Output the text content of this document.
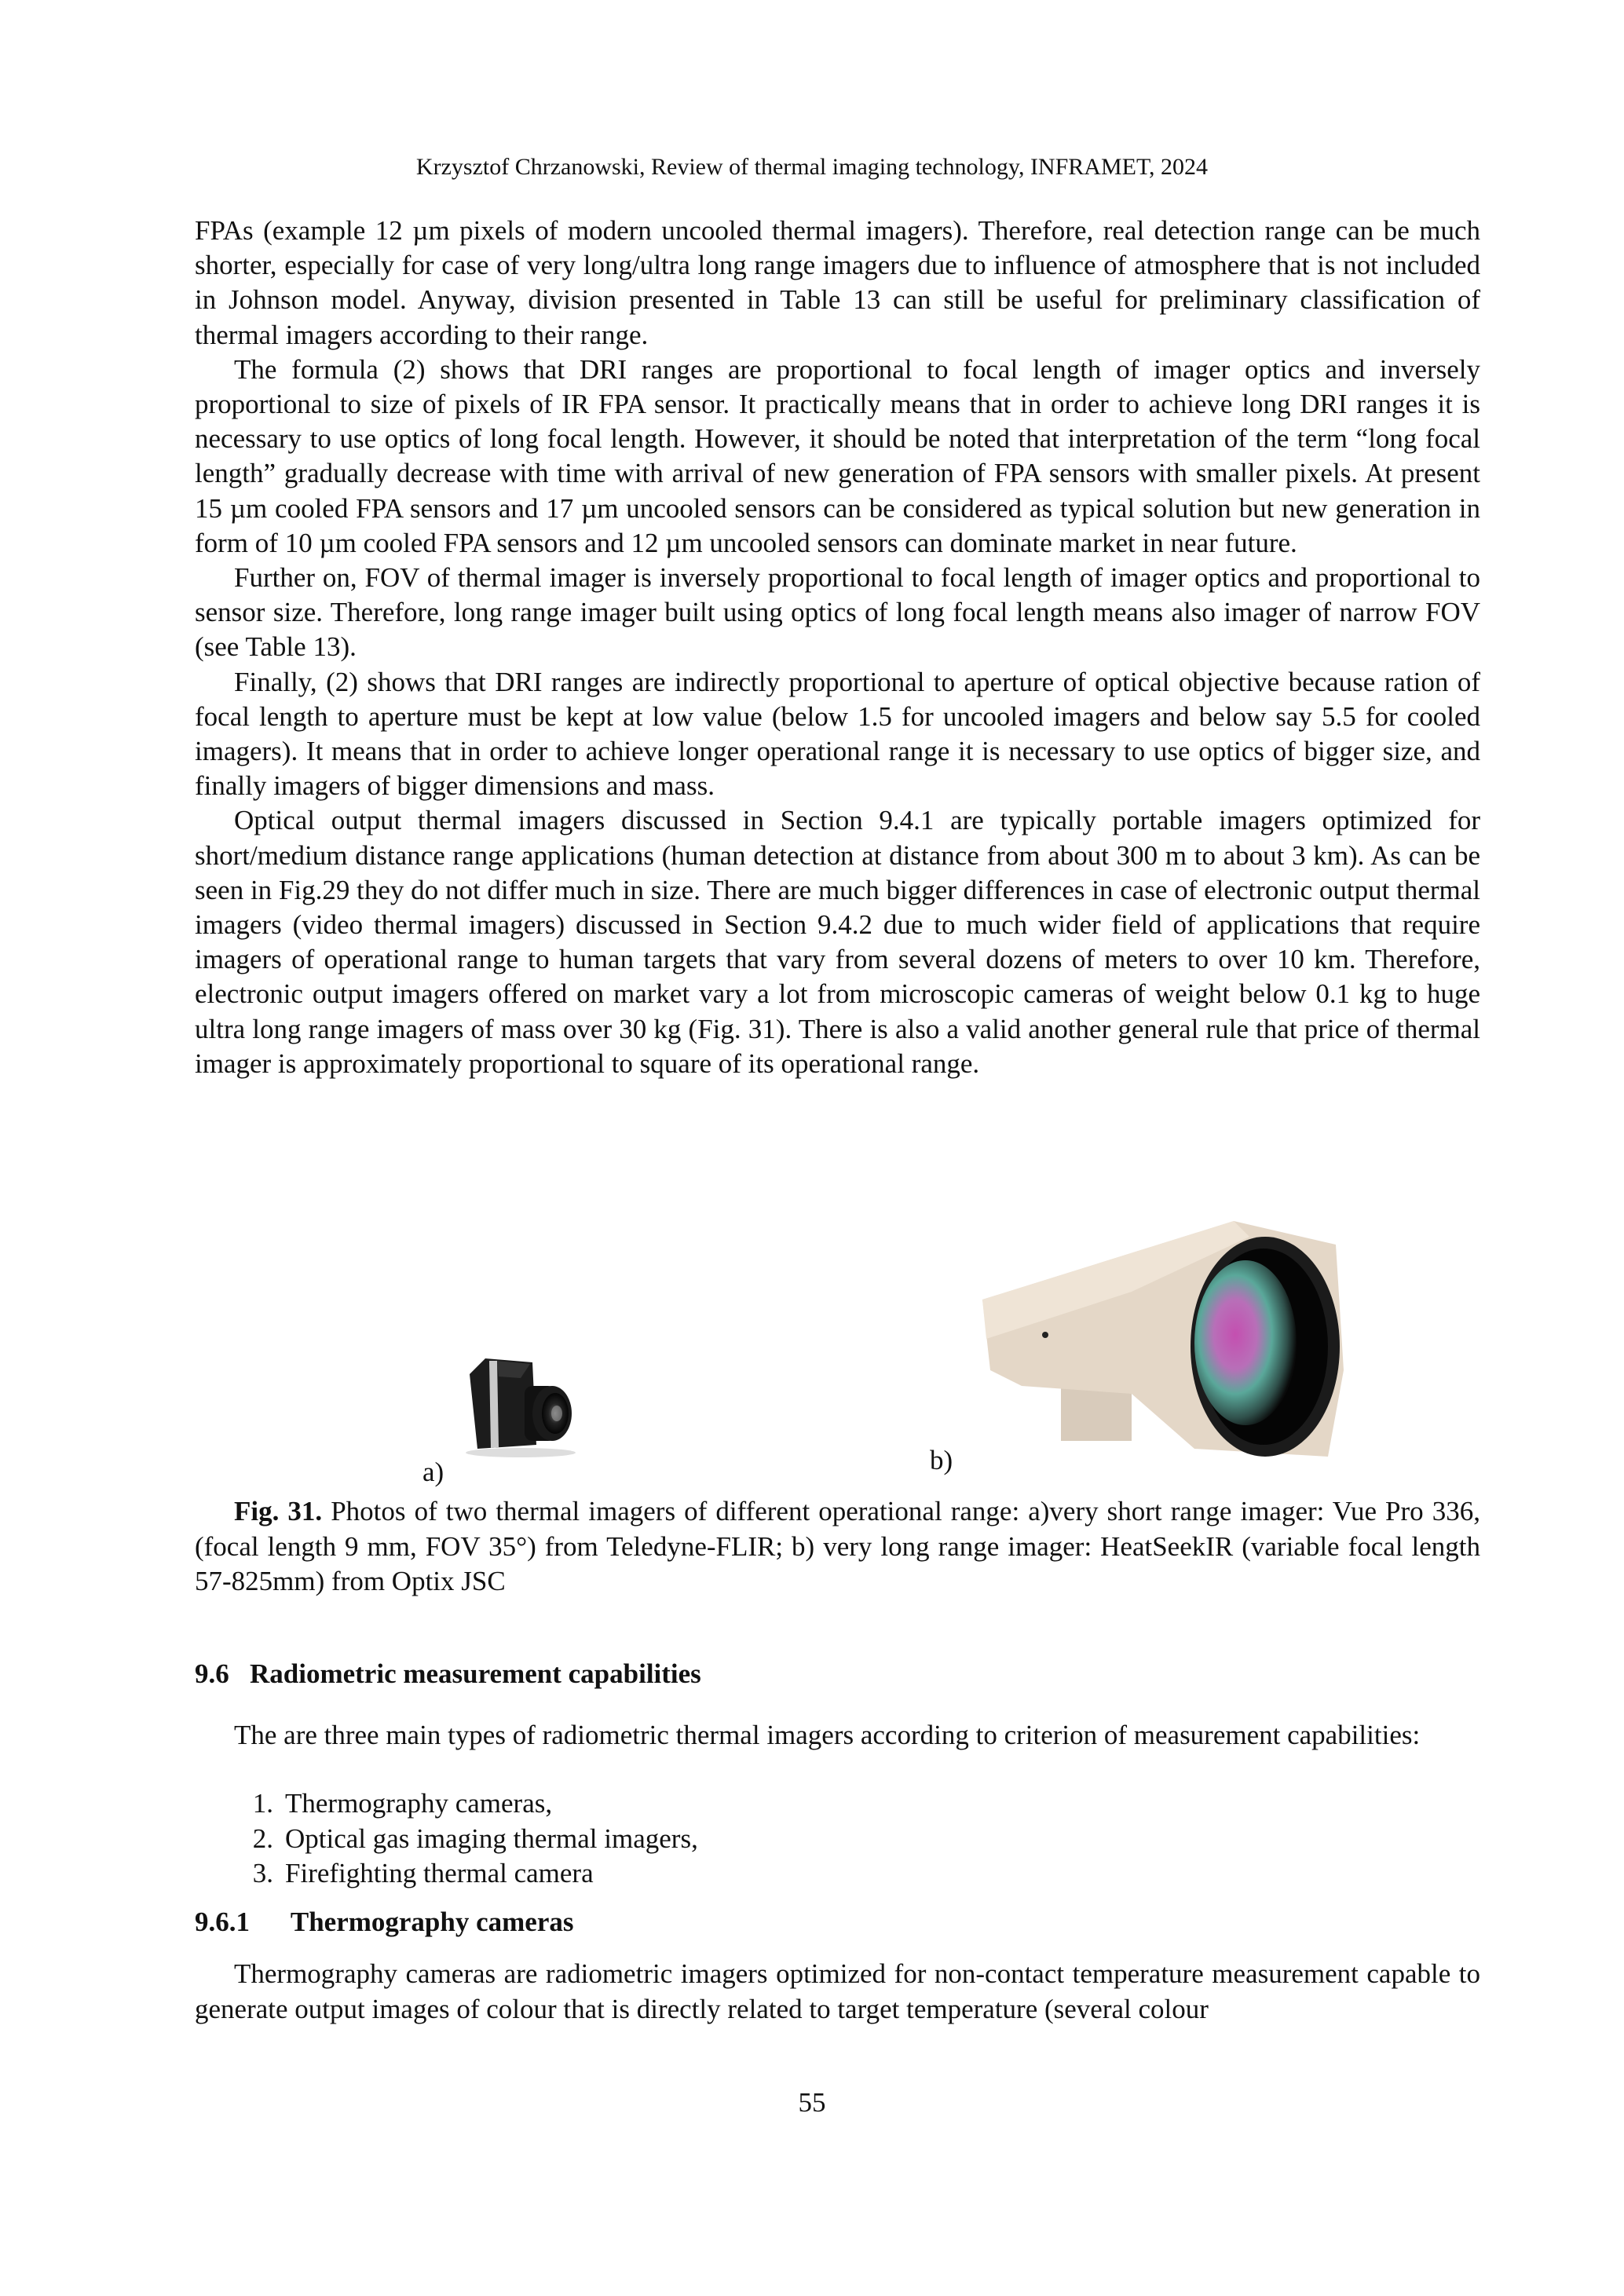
Krzysztof Chrzanowski, Review of thermal imaging technology, INFRAMET, 2024

FPAs (example 12 µm pixels of modern uncooled thermal imagers). Therefore, real detection range can be much shorter, especially for case of very long/ultra long range imagers due to influence of atmosphere that is not included in Johnson model. Anyway, division presented in Table 13 can still be useful for preliminary classification of thermal imagers according to their range.

The formula (2) shows that DRI ranges are proportional to focal length of imager optics and inversely proportional to size of pixels of IR FPA sensor. It practically means that in order to achieve long DRI ranges it is necessary to use optics of long focal length. However, it should be noted that interpretation of the term “long focal length” gradually decrease with time with arrival of new generation of FPA sensors with smaller pixels. At present 15 µm cooled FPA sensors and 17 µm uncooled sensors can be considered as typical solution but new generation in form of 10 µm cooled FPA sensors and 12 µm uncooled sensors can dominate market in near future.

Further on, FOV of thermal imager is inversely proportional to focal length of imager optics and proportional to sensor size. Therefore, long range imager built using optics of long focal length means also imager of narrow FOV (see Table 13).

Finally, (2) shows that DRI ranges are indirectly proportional to aperture of optical objective because ration of focal length to aperture must be kept at low value (below 1.5 for uncooled imagers and below say 5.5 for cooled imagers). It means that in order to achieve longer operational range it is necessary to use optics of bigger size, and finally imagers of bigger dimensions and mass.

Optical output thermal imagers discussed in Section 9.4.1 are typically portable imagers optimized for short/medium distance range applications (human detection at distance from about 300 m to about 3 km). As can be seen in Fig.29 they do not differ much in size. There are much bigger differences in case of electronic output thermal imagers (video thermal imagers) discussed in Section 9.4.2 due to much wider field of applications that require imagers of operational range to human targets that vary from several dozens of meters to over 10 km. Therefore, electronic output imagers offered on market vary a lot from microscopic cameras of weight below 0.1 kg to huge ultra long range imagers of mass over 30 kg (Fig. 31). There is also a valid another general rule that price of thermal imager is approximately proportional to square of its operational range.

a)	b)
Fig. 31. Photos of two thermal imagers of different operational range: a)very short range imager: Vue Pro 336, (focal length 9 mm, FOV 35°) from Teledyne-FLIR; b) very long range imager: HeatSeekIR (variable focal length 57-825mm) from Optix JSC
9.6   Radiometric measurement capabilities

The are three main types of radiometric thermal imagers according to criterion of measurement capabilities:

1. Thermography cameras,
2. Optical gas imaging thermal imagers,
3. Firefighting thermal camera
9.6.1      Thermography cameras

Thermography cameras are radiometric imagers optimized for non-contact temperature measurement capable to generate output images of colour that is directly related to target temperature (several colour

55
